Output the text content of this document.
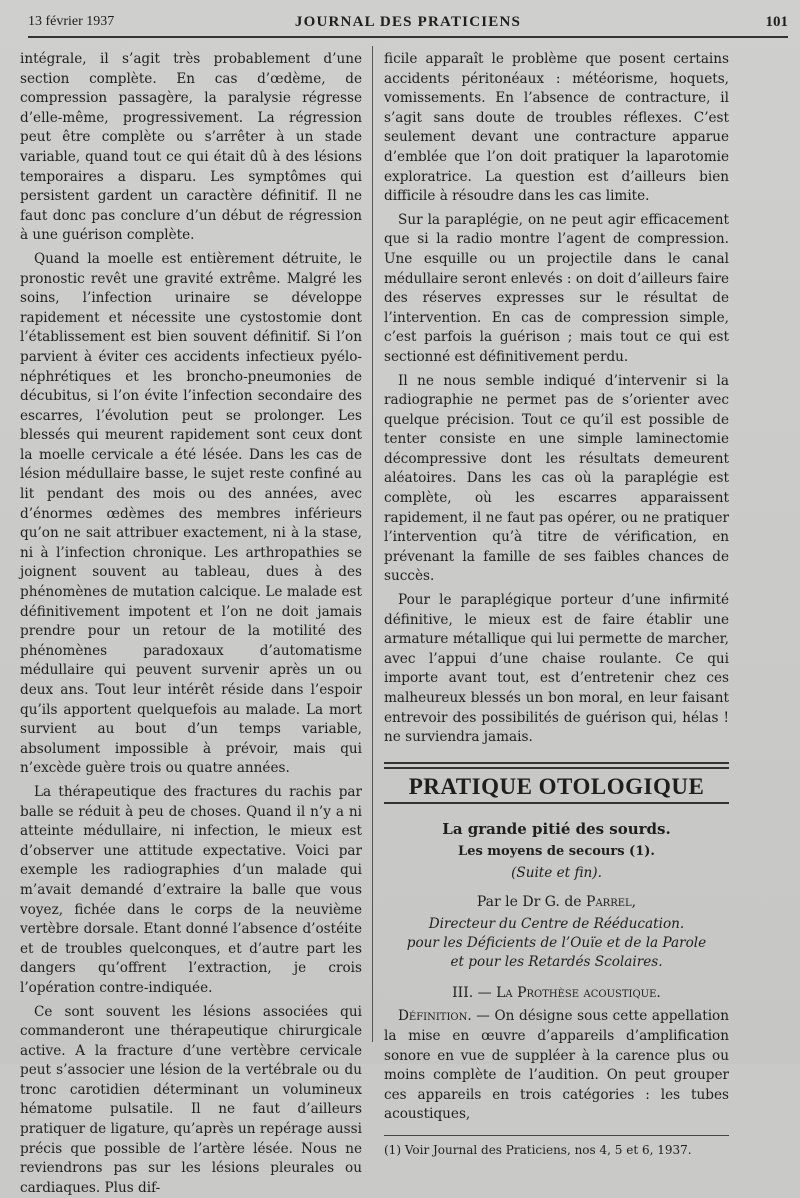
13 février 1937	JOURNAL DES PRATICIENS	101

intégrale, il s’agit très probablement d’une section complète. En cas d’œdème, de compression passagère, la paralysie régresse d’elle-même, progressivement. La régression peut être complète ou s’arrêter à un stade variable, quand tout ce qui était dû à des lésions temporaires a disparu. Les symptômes qui persistent gardent un caractère définitif. Il ne faut donc pas conclure d’un début de régression à une guérison complète.

Quand la moelle est entièrement détruite, le pronostic revêt une gravité extrême. Malgré les soins, l’infection urinaire se développe rapidement et nécessite une cystostomie dont l’établissement est bien souvent définitif. Si l’on parvient à éviter ces accidents infectieux pyélo-néphrétiques et les broncho-pneumonies de décubitus, si l’on évite l’infection secondaire des escarres, l’évolution peut se prolonger. Les blessés qui meurent rapidement sont ceux dont la moelle cervicale a été lésée. Dans les cas de lésion médullaire basse, le sujet reste confiné au lit pendant des mois ou des années, avec d’énormes œdèmes des membres inférieurs qu’on ne sait attribuer exactement, ni à la stase, ni à l’infection chronique. Les arthropathies se joignent souvent au tableau, dues à des phénomènes de mutation calcique. Le malade est définitivement impotent et l’on ne doit jamais prendre pour un retour de la motilité des phénomènes paradoxaux d’automatisme médullaire qui peuvent survenir après un ou deux ans. Tout leur intérêt réside dans l’espoir qu’ils apportent quelquefois au malade. La mort survient au bout d’un temps variable, absolument impossible à prévoir, mais qui n’excède guère trois ou quatre années.

La thérapeutique des fractures du rachis par balle se réduit à peu de choses. Quand il n’y a ni atteinte médullaire, ni infection, le mieux est d’observer une attitude expectative. Voici par exemple les radiographies d’un malade qui m’avait demandé d’extraire la balle que vous voyez, fichée dans le corps de la neuvième vertèbre dorsale. Etant donné l’absence d’ostéite et de troubles quelconques, et d’autre part les dangers qu’offrent l’extraction, je crois l’opération contre-indiquée.

Ce sont souvent les lésions associées qui commanderont une thérapeutique chirurgicale active. A la fracture d’une vertèbre cervicale peut s’associer une lésion de la vertébrale ou du tronc carotidien déterminant un volumineux hématome pulsatile. Il ne faut d’ailleurs pratiquer de ligature, qu’après un repérage aussi précis que possible de l’artère lésée. Nous ne reviendrons pas sur les lésions pleurales ou cardiaques. Plus dif-

ficile apparaît le problème que posent certains accidents péritonéaux : météorisme, hoquets, vomissements. En l’absence de contracture, il s’agit sans doute de troubles réflexes. C’est seulement devant une contracture apparue d’emblée que l’on doit pratiquer la laparotomie exploratrice. La question est d’ailleurs bien difficile à résoudre dans les cas limite.

Sur la paraplégie, on ne peut agir efficacement que si la radio montre l’agent de compression. Une esquille ou un projectile dans le canal médullaire seront enlevés : on doit d’ailleurs faire des réserves expresses sur le résultat de l’intervention. En cas de compression simple, c’est parfois la guérison ; mais tout ce qui est sectionné est définitivement perdu.

Il ne nous semble indiqué d’intervenir si la radiographie ne permet pas de s’orienter avec quelque précision. Tout ce qu’il est possible de tenter consiste en une simple laminectomie décompressive dont les résultats demeurent aléatoires. Dans les cas où la paraplégie est complète, où les escarres apparaissent rapidement, il ne faut pas opérer, ou ne pratiquer l’intervention qu’à titre de vérification, en prévenant la famille de ses faibles chances de succès.

Pour le paraplégique porteur d’une infirmité définitive, le mieux est de faire établir une armature métallique qui lui permette de marcher, avec l’appui d’une chaise roulante. Ce qui importe avant tout, est d’entretenir chez ces malheureux blessés un bon moral, en leur faisant entrevoir des possibilités de guérison qui, hélas ! ne surviendra jamais.

PRATIQUE OTOLOGIQUE
La grande pitié des sourds.
Les moyens de secours (1).
(Suite et fin).
Par le Dr G. de Parrel,
Directeur du Centre de Rééducation.
pour les Déficients de l’Ouïe et de la Parole
et pour les Retardés Scolaires.
III. — La Prothèse acoustique.

Définition. — On désigne sous cette appellation la mise en œuvre d’appareils d’amplification sonore en vue de suppléer à la carence plus ou moins complète de l’audition. On peut grouper ces appareils en trois catégories : les tubes acoustiques,

(1) Voir Journal des Praticiens, nos 4, 5 et 6, 1937.
